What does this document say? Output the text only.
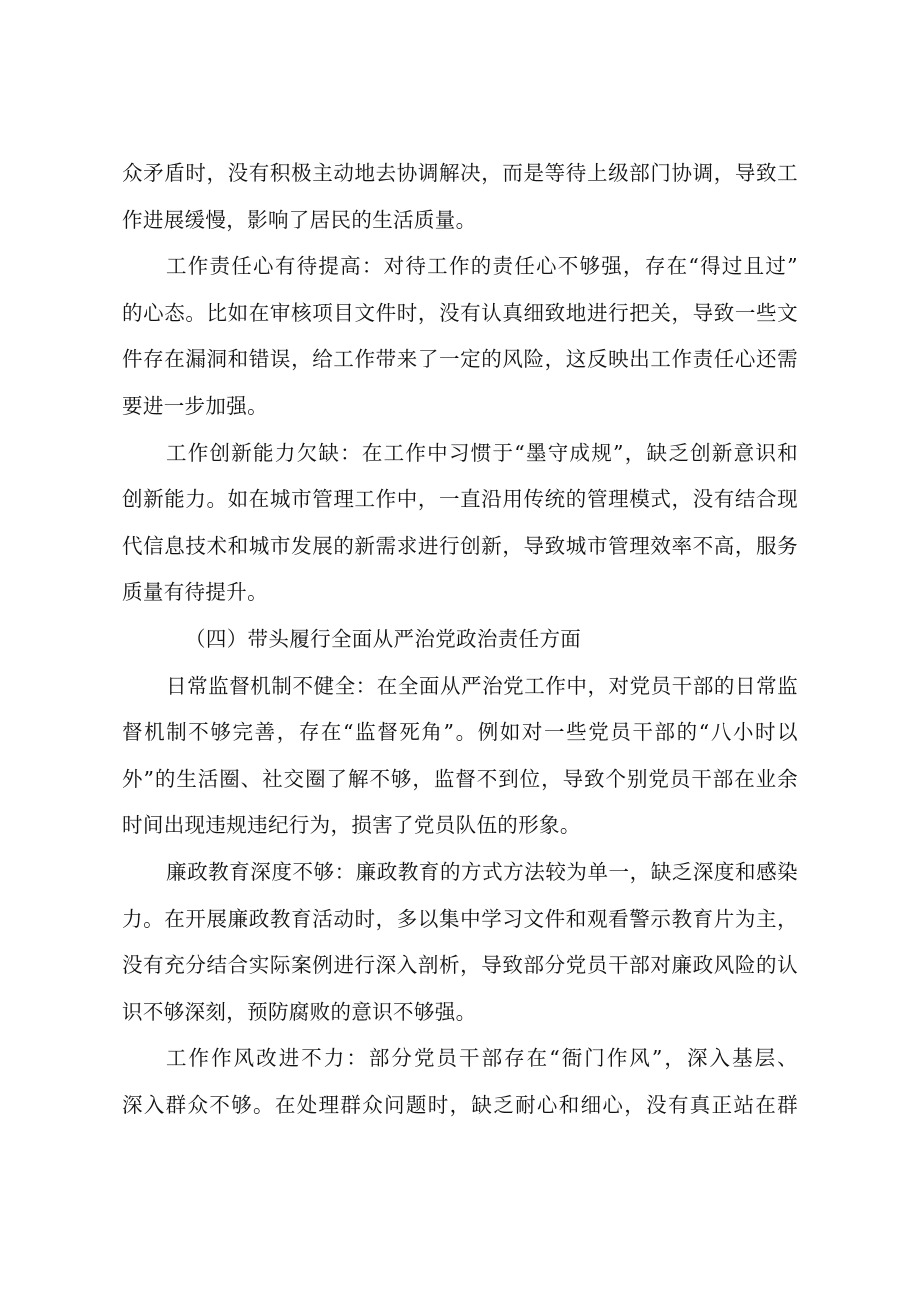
众矛盾时，没有积极主动地去协调解决，而是等待上级部门协调，导致工
作进展缓慢，影响了居民的生活质量。
工作责任心有待提高：对待工作的责任心不够强，存在“得过且过”
的心态。比如在审核项目文件时，没有认真细致地进行把关，导致一些文
件存在漏洞和错误，给工作带来了一定的风险，这反映出工作责任心还需
要进一步加强。
工作创新能力欠缺：在工作中习惯于“墨守成规”，缺乏创新意识和
创新能力。如在城市管理工作中，一直沿用传统的管理模式，没有结合现
代信息技术和城市发展的新需求进行创新，导致城市管理效率不高，服务
质量有待提升。
（四）带头履行全面从严治党政治责任方面
日常监督机制不健全：在全面从严治党工作中，对党员干部的日常监
督机制不够完善，存在“监督死角”。例如对一些党员干部的“八小时以
外”的生活圈、社交圈了解不够，监督不到位，导致个别党员干部在业余
时间出现违规违纪行为，损害了党员队伍的形象。
廉政教育深度不够：廉政教育的方式方法较为单一，缺乏深度和感染
力。在开展廉政教育活动时，多以集中学习文件和观看警示教育片为主，
没有充分结合实际案例进行深入剖析，导致部分党员干部对廉政风险的认
识不够深刻，预防腐败的意识不够强。
工作作风改进不力：部分党员干部存在“衙门作风”，深入基层、
深入群众不够。在处理群众问题时，缺乏耐心和细心，没有真正站在群
